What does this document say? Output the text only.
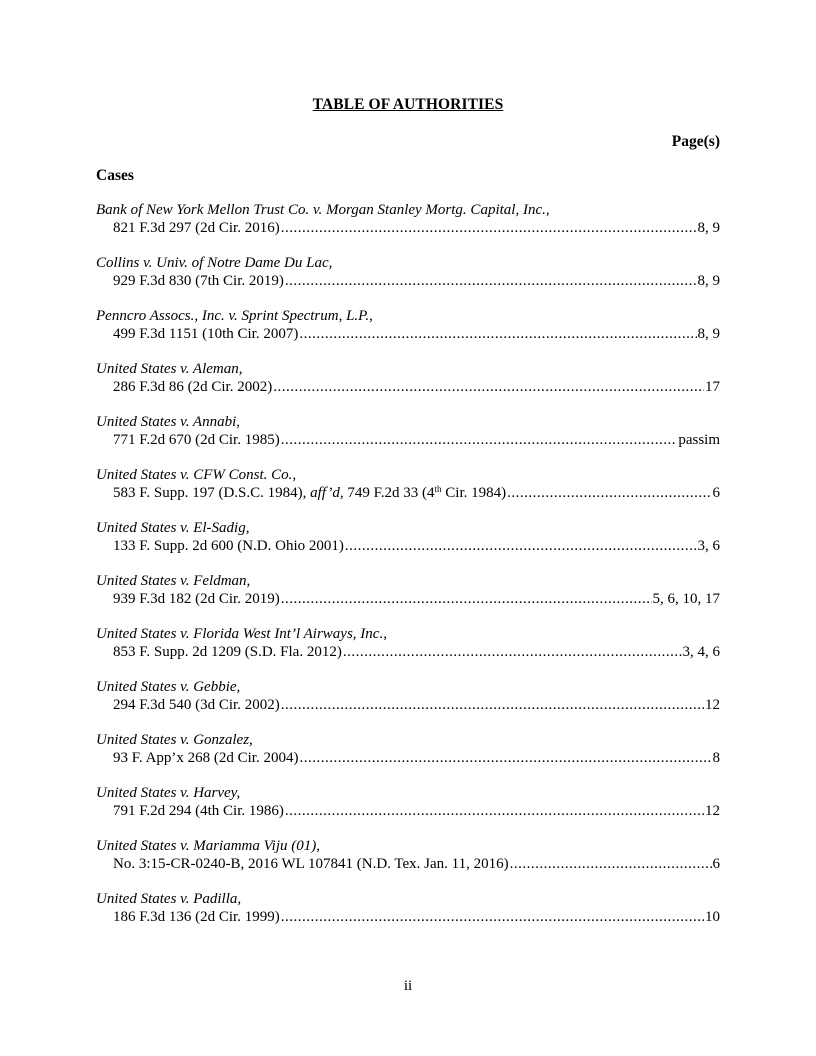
TABLE OF AUTHORITIES
Page(s)
Cases
Bank of New York Mellon Trust Co. v. Morgan Stanley Mortg. Capital, Inc.,
821 F.3d 297 (2d Cir. 2016) .....	8, 9
Collins v. Univ. of Notre Dame Du Lac,
929 F.3d 830 (7th Cir. 2019) .....	8, 9
Penncro Assocs., Inc. v. Sprint Spectrum, L.P.,
499 F.3d 1151 (10th Cir. 2007) .....	8, 9
United States v. Aleman,
286 F.3d 86 (2d Cir. 2002) .....	17
United States v. Annabi,
771 F.2d 670 (2d Cir. 1985) .....	passim
United States v. CFW Const. Co.,
583 F. Supp. 197 (D.S.C. 1984), aff’d, 749 F.2d 33 (4th Cir. 1984) .....	6
United States v. El-Sadig,
133 F. Supp. 2d 600 (N.D. Ohio 2001) .....	3, 6
United States v. Feldman,
939 F.3d 182 (2d Cir. 2019) .....	5, 6, 10, 17
United States v. Florida West Int’l Airways, Inc.,
853 F. Supp. 2d 1209 (S.D. Fla. 2012) .....	3, 4, 6
United States v. Gebbie,
294 F.3d 540 (3d Cir. 2002) .....	12
United States v. Gonzalez,
93 F. App’x 268 (2d Cir. 2004) .....	8
United States v. Harvey,
791 F.2d 294 (4th Cir. 1986) .....	12
United States v. Mariamma Viju (01),
No. 3:15-CR-0240-B, 2016 WL 107841 (N.D. Tex. Jan. 11, 2016) .....	6
United States v. Padilla,
186 F.3d 136 (2d Cir. 1999) .....	10
ii
